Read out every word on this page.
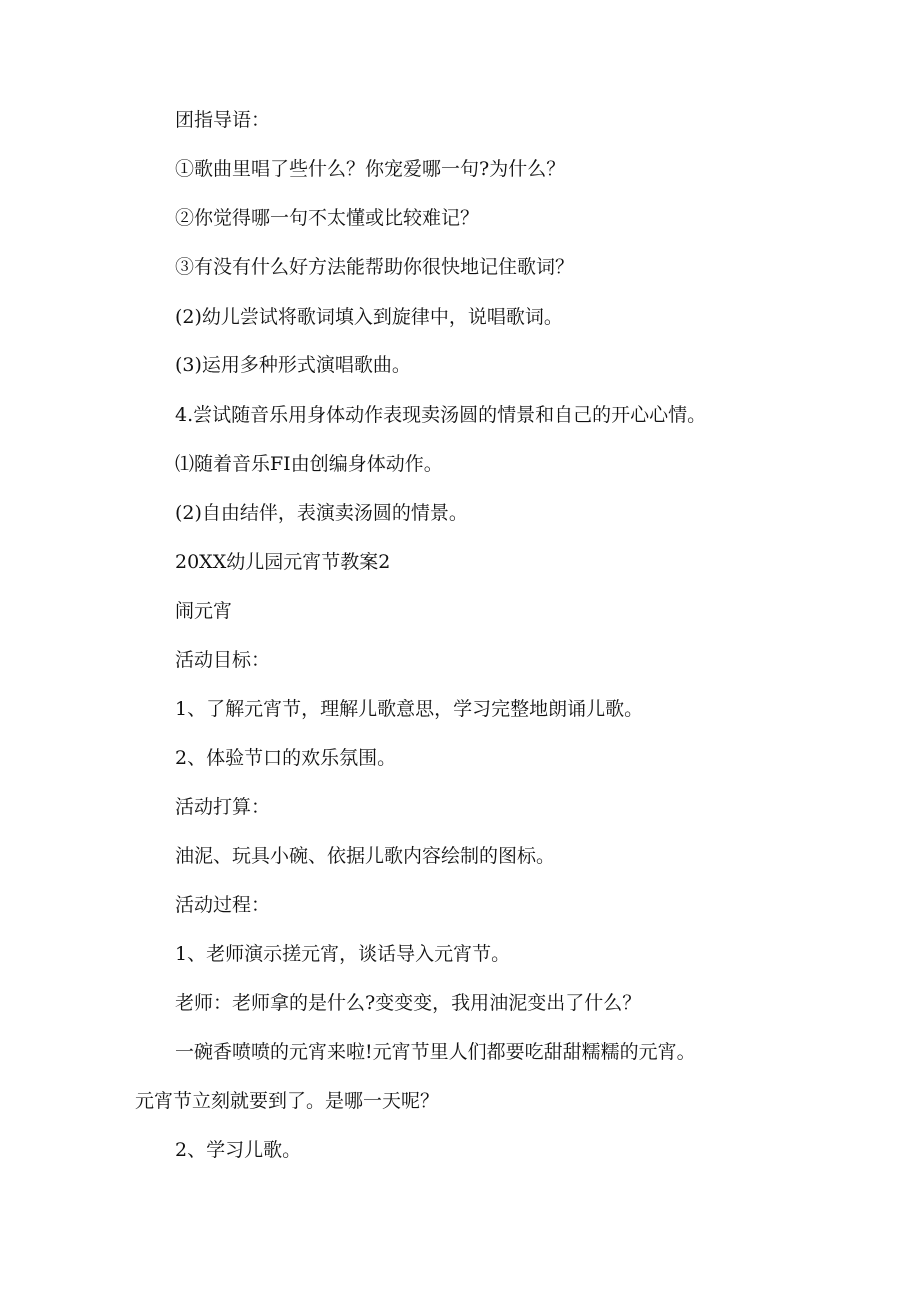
团指导语：
①歌曲里唱了些什么？你宠爱哪一句?为什么？
②你觉得哪一句不太懂或比较难记？
③有没有什么好方法能帮助你很快地记住歌词？
(2)幼儿尝试将歌词填入到旋律中，说唱歌词。
(3)运用多种形式演唱歌曲。
4.尝试随音乐用身体动作表现卖汤圆的情景和自己的开心心情。
⑴随着音乐FI由创编身体动作。
(2)自由结伴，表演卖汤圆的情景。
20XX幼儿园元宵节教案2
闹元宵
活动目标：
1、了解元宵节，理解儿歌意思，学习完整地朗诵儿歌。
2、体验节口的欢乐氛围。
活动打算：
油泥、玩具小碗、依据儿歌内容绘制的图标。
活动过程：
1、老师演示搓元宵，谈话导入元宵节。
老师：老师拿的是什么?变变变，我用油泥变出了什么？
一碗香喷喷的元宵来啦!元宵节里人们都要吃甜甜糯糯的元宵。
元宵节立刻就要到了。是哪一天呢？
2、学习儿歌。
